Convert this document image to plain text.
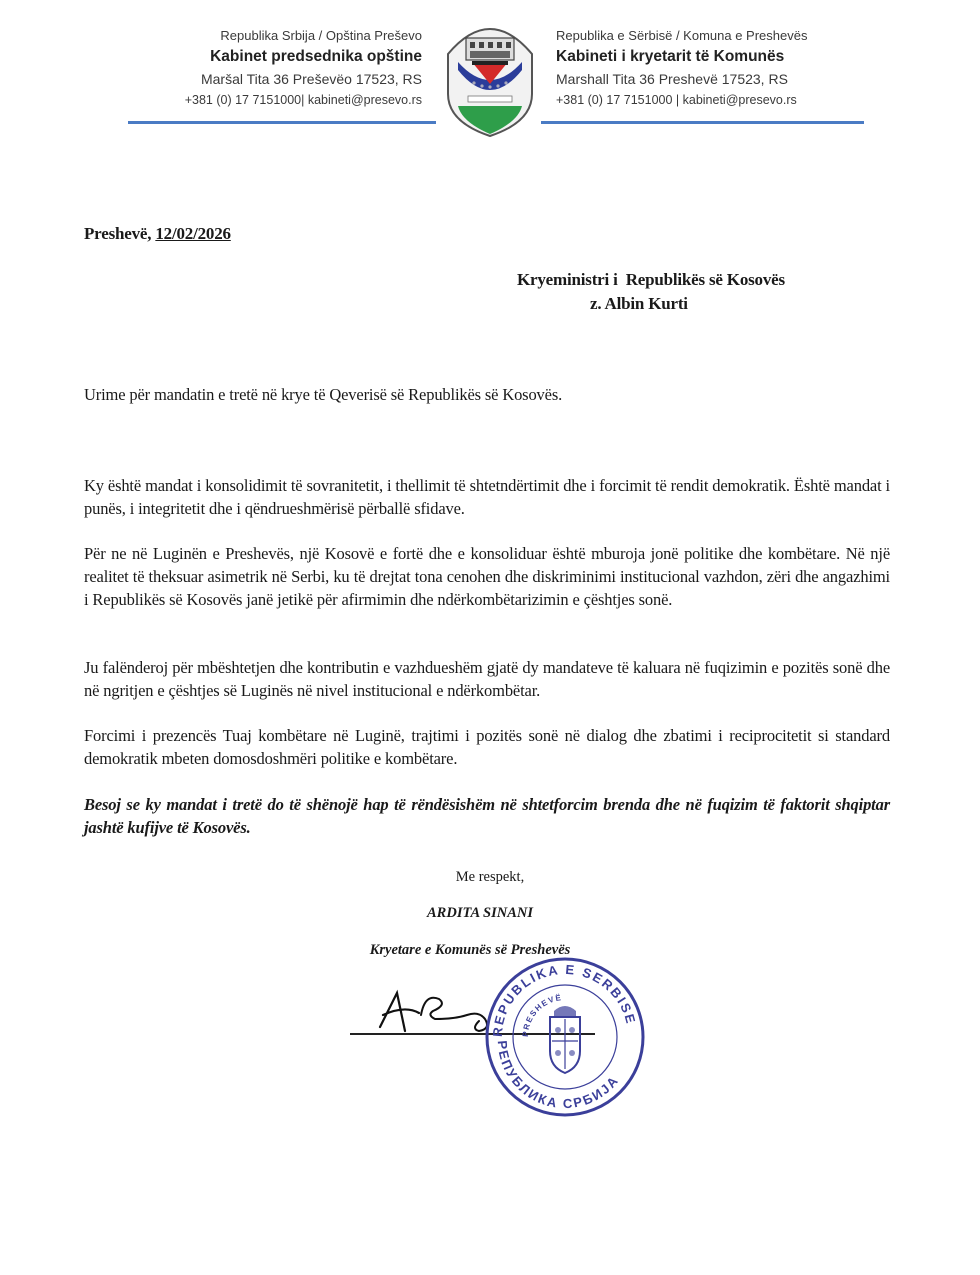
Republika Srbija / Opština Preševo
Kabinet predsednika opštine
Maršal Tita 36 Preševëo 17523, RS
+381 (0) 17 7151000| kabineti@presevo.rs
Republika e Sërbisë / Komuna e Preshevës
Kabineti i kryetarit të Komunës
Marshall Tita 36 Preshevë 17523, RS
+381 (0) 17 7151000 | kabineti@presevo.rs
Preshevë, 12/02/2026
Kryeministri i  Republikës së Kosovës
z. Albin Kurti
Urime për mandatin e tretë në krye të Qeverisë së Republikës së Kosovës.
Ky është mandat i konsolidimit të sovranitetit, i thellimit të shtetndërtimit dhe i forcimit të rendit demokratik. Është mandat i punës, i integritetit dhe i qëndrueshmërisë përballë sfidave.
Për ne në Luginën e Preshevës, një Kosovë e fortë dhe e konsoliduar është mburoja jonë politike dhe kombëtare. Në një realitet të theksuar asimetrik në Serbi, ku të drejtat tona cenohen dhe diskriminimi institucional vazhdon, zëri dhe angazhimi i Republikës së Kosovës janë jetikë për afirmimin dhe ndërkombëtarizimin e çështjes sonë.
Ju falënderoj për mbështetjen dhe kontributin e vazhdueshëm gjatë dy mandateve të kaluara në fuqizimin e pozitës sonë dhe në ngritjen e çështjes së Luginës në nivel institucional e ndërkombëtar.
Forcimi i prezencës Tuaj kombëtare në Luginë, trajtimi i pozitës sonë në dialog dhe zbatimi i reciprocitetit si standard demokratik mbeten domosdoshmëri politike e kombëtare.
Besoj se ky mandat i tretë do të shënojë hap të rëndësishëm në shtetforcim brenda dhe në fuqizim të faktorit shqiptar jashtë kufijve të Kosovës.
Me respekt,
ARDITA SINANI
Kryetare e Komunës së Preshevës
REPUBLIKA E SERBISE
РЕПУБЛИКА СРБИЈА
PRESHEVË
